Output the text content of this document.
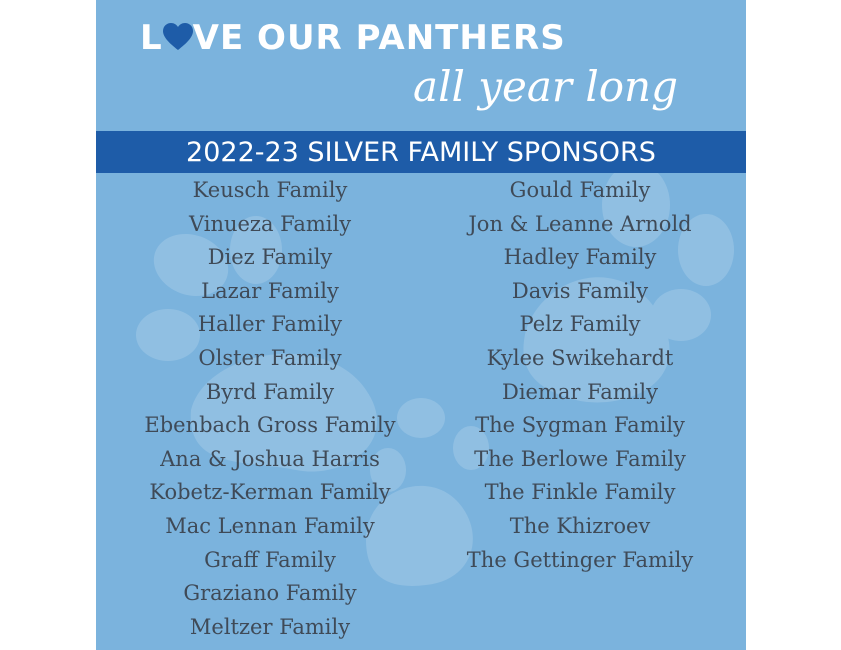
L VE OUR PANTHERS
all year long
2022-23 SILVER FAMILY SPONSORS
Keusch Family
Vinueza Family
Diez Family
Lazar Family
Haller Family
Olster Family
Byrd Family
Ebenbach Gross Family
Ana & Joshua Harris
Kobetz-Kerman Family
Mac Lennan Family
Graff Family
Graziano Family
Meltzer Family
Gould Family
Jon & Leanne Arnold
Hadley Family
Davis Family
Pelz Family
Kylee Swikehardt
Diemar Family
The Sygman Family
The Berlowe Family
The Finkle Family
The Khizroev
The Gettinger Family
